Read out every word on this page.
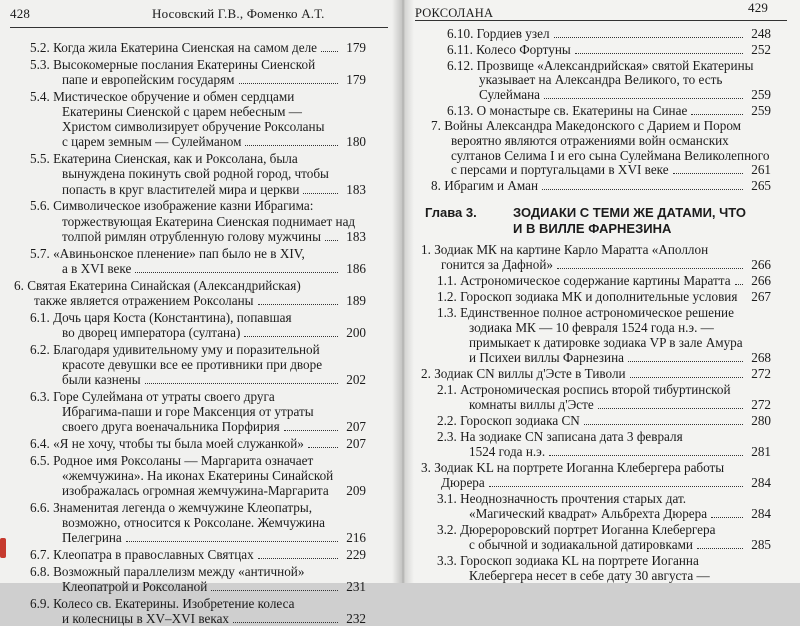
428	Носовский Г.В., Фоменко А.Т.
5.2. Когда жила Екатерина Сиенская на самом деле 179
5.3. Высокомерные послания Екатерины Сиенской
папе и европейским государям	179
5.4. Мистическое обручение и обмен сердцами
Екатерины Сиенской с царем небесным —
Христом символизирует обручение Роксоланы
с царем земным — Сулейманом	180
5.5. Екатерина Сиенская, как и Роксолана, была
вынуждена покинуть свой родной город, чтобы
попасть в круг властителей мира и церкви	183
5.6. Символическое изображение казни Ибрагима:
торжествующая Екатерина Сиенская поднимает над
толпой римлян отрубленную голову мужчины 183
5.7. «Авиньонское пленение» пап было не в XIV,
а в XVI веке	186
6. Святая Екатерина Синайская (Александрийская)
также является отражением Роксоланы	189
6.1. Дочь царя Коста (Константина), попавшая
во дворец императора (султана)	200
6.2. Благодаря удивительному уму и поразительной
красоте девушки все ее противники при дворе
были казнены	202
6.3. Горе Сулеймана от утраты своего друга
Ибрагима-паши и горе Максенция от утраты
своего друга военачальника Порфирия	207
6.4. «Я не хочу, чтобы ты была моей служанкой»	207
6.5. Родное имя Роксоланы — Маргарита означает
«жемчужина». На иконах Екатерины Синайской
изображалась огромная жемчужина-Маргарита 209
6.6. Знаменитая легенда о жемчужине Клеопатры,
возможно, относится к Роксолане. Жемчужина
Пелегрина	216
6.7. Клеопатра в православных Святцах	229
6.8. Возможный параллелизм между «античной»
Клеопатрой и Роксоланой	231
6.9. Колесо св. Екатерины. Изобретение колеса
и колесницы в XV–XVI веках	232
РОКСОЛАНА	429
6.10. Гордиев узел	248
6.11. Колесо Фортуны	252
6.12. Прозвище «Александрийская» святой Екатерины
указывает на Александра Великого, то есть
Сулеймана	259
6.13. О монастыре св. Екатерины на Синае	259
7. Войны Александра Македонского с Дарием и Пором
вероятно являются отражениями войн османских
султанов Селима I и его сына Сулеймана Великолепного
с персами и португальцами в XVI веке	261
8. Ибрагим и Аман	265
Глава 3.	ЗОДИАКИ С ТЕМИ ЖЕ ДАТАМИ, ЧТО
И В ВИЛЛЕ ФАРНЕЗИНА
1. Зодиак МК на картине Карло Маратта «Аполлон
гонится за Дафной»	266
1.1. Астрономическое содержание картины Маратта 266
1.2. Гороскоп зодиака МК и дополнительные условия 267
1.3. Единственное полное астрономическое решение
зодиака МК — 10 февраля 1524 года н.э. —
примыкает к датировке зодиака VP в зале Амура
и Психеи виллы Фарнезина	268
2. Зодиак CN виллы д'Эсте в Тиволи	272
2.1. Астрономическая роспись второй тибуртинской
комнаты виллы д'Эсте	272
2.2. Гороскоп зодиака CN	280
2.3. На зодиаке CN записана дата 3 февраля
1524 года н.э.	281
3. Зодиак KL на портрете Иоганна Клебергера работы
Дюрера	284
3.1. Неоднозначность прочтения старых дат.
«Магический квадрат» Альбрехта Дюрера	284
3.2. Дюрероровский портрет Иоганна Клебергера
с обычной и зодиакальной датировками	285
3.3. Гороскоп зодиака KL на портрете Иоганна
Клебергера несет в себе дату 30 августа —
